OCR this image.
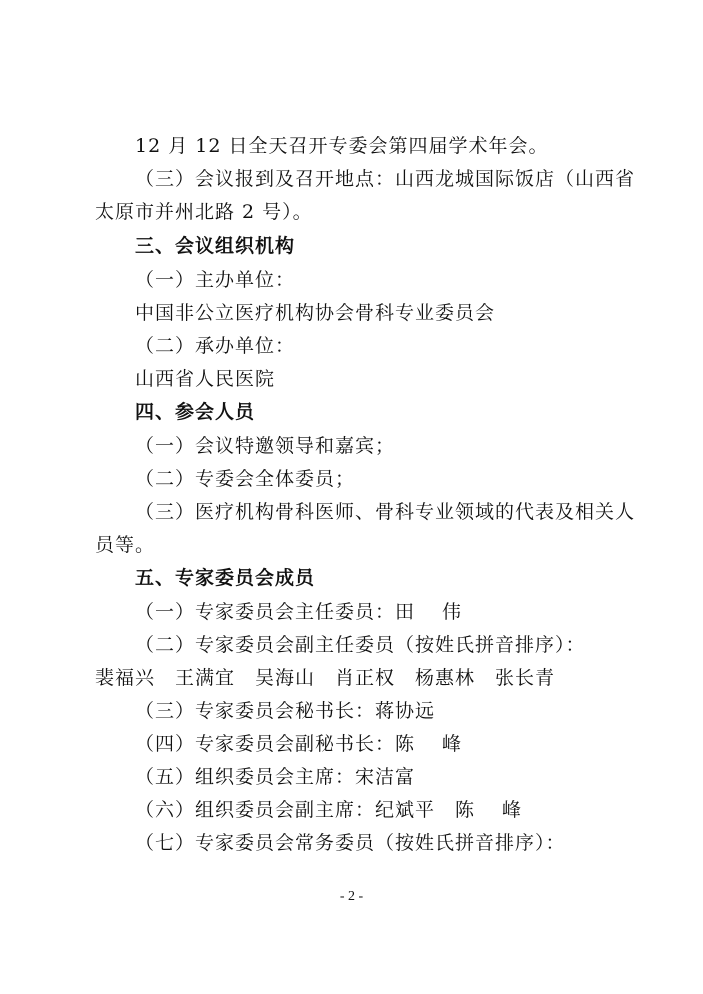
12 月 12 日全天召开专委会第四届学术年会。
（三）会议报到及召开地点：山西龙城国际饭店（山西省
太原市并州北路 2 号）。
三、会议组织机构
（一）主办单位：
中国非公立医疗机构协会骨科专业委员会
（二）承办单位：
山西省人民医院
四、参会人员
（一）会议特邀领导和嘉宾；
（二）专委会全体委员；
（三）医疗机构骨科医师、骨科专业领域的代表及相关人
员等。
五、专家委员会成员
（一）专家委员会主任委员：田　 伟
（二）专家委员会副主任委员（按姓氏拼音排序）：
裴福兴　王满宜　吴海山　肖正权　杨惠林　张长青
（三）专家委员会秘书长：蒋协远
（四）专家委员会副秘书长：陈　 峰
（五）组织委员会主席：宋洁富
（六）组织委员会副主席：纪斌平　陈　 峰
（七）专家委员会常务委员（按姓氏拼音排序）：
- 2 -
